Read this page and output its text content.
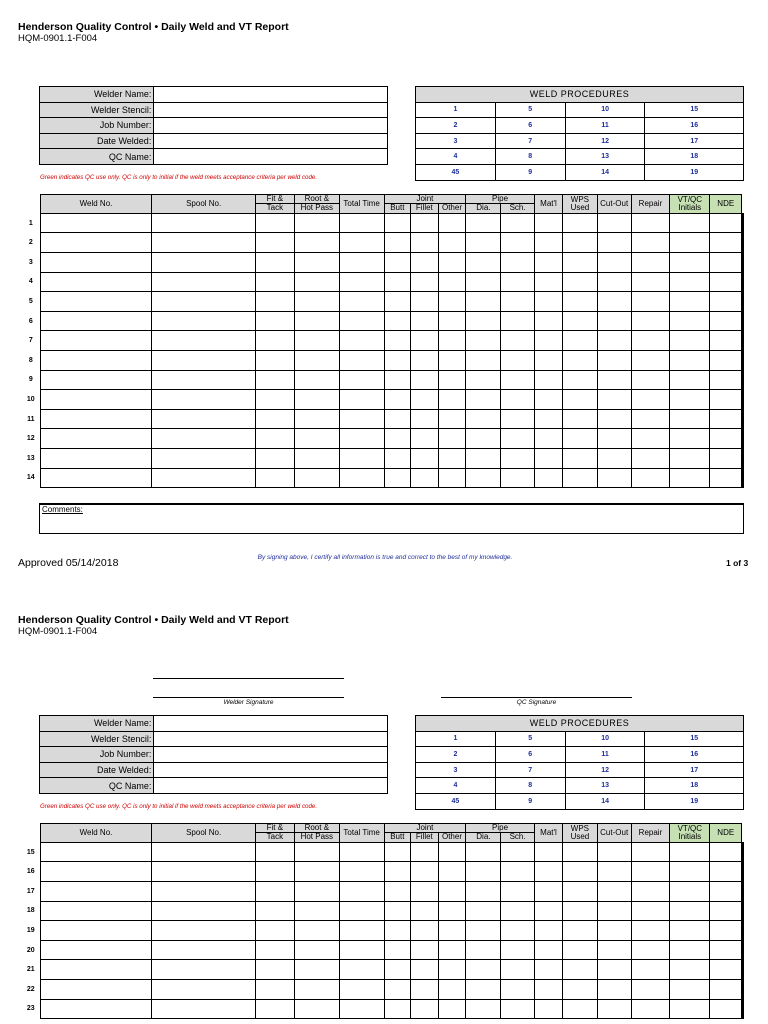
Henderson Quality Control • Daily Weld and VT Report
HQM-0901.1-F004
Welder Name:	
Welder Stencil:	
Job Number:	
Date Welded:	
QC Name:	
WELD PROCEDURES			
1	5	10	15
2	6	11	16
3	7	12	17
4	8	13	18
45	9	14	19
Green indicates QC use only. QC is only to initial if the weld meets acceptance criteria per weld code.
	Weld No.	Spool No.	Fit &	Root &	Total Time	Joint			Pipe		Mat'l	WPS Used	Cut-Out	Repair	VT/QC Initials	NDE	
			Tack	Hot Pass		Butt	Fillet	Other	Dia.	Sch.							
1																		
2																		
3																		
4																		
5																		
6																		
7																		
8																		
9																		
10																		
11																		
12																		
13																		
14																		
Comments:
Approved 05/14/2018	By signing above, I certify all information is true and correct to the best of my knowledge.
1 of 3
Henderson Quality Control • Daily Weld and VT Report
HQM-0901.1-F004
Welder Signature	QC Signature
Welder Name:	
Welder Stencil:	
Job Number:	
Date Welded:	
QC Name:	
WELD PROCEDURES			
1	5	10	15
2	6	11	16
3	7	12	17
4	8	13	18
45	9	14	19
Green indicates QC use only. QC is only to initial if the weld meets acceptance criteria per weld code.
	Weld No.	Spool No.	Fit &	Root &	Total Time	Joint			Pipe		Mat'l	WPS Used	Cut-Out	Repair	VT/QC Initials	NDE	
			Tack	Hot Pass		Butt	Fillet	Other	Dia.	Sch.							
15																		
16																		
17																		
18																		
19																		
20																		
21																		
22																		
23																		
